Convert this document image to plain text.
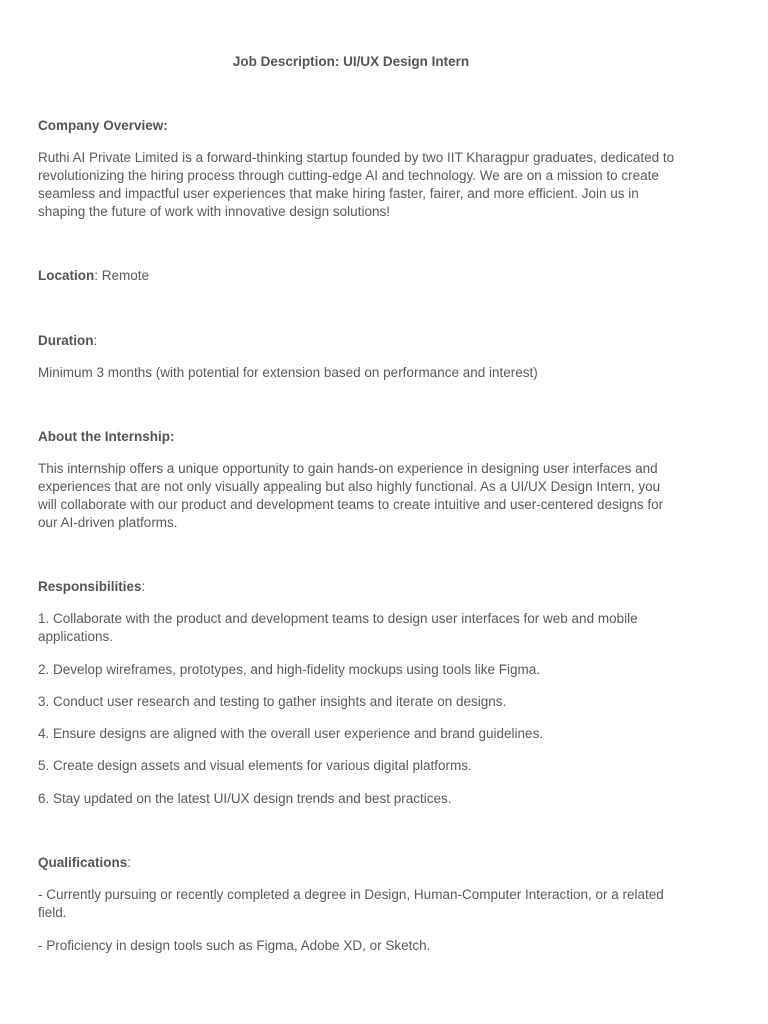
Job Description: UI/UX Design Intern

Company Overview:

Ruthi AI Private Limited is a forward-thinking startup founded by two IIT Kharagpur graduates, dedicated to revolutionizing the hiring process through cutting-edge AI and technology. We are on a mission to create seamless and impactful user experiences that make hiring faster, fairer, and more efficient. Join us in shaping the future of work with innovative design solutions!

Location: Remote

Duration:

Minimum 3 months (with potential for extension based on performance and interest)

About the Internship:

This internship offers a unique opportunity to gain hands-on experience in designing user interfaces and experiences that are not only visually appealing but also highly functional. As a UI/UX Design Intern, you will collaborate with our product and development teams to create intuitive and user-centered designs for our AI-driven platforms.

Responsibilities:

1. Collaborate with the product and development teams to design user interfaces for web and mobile applications.

2. Develop wireframes, prototypes, and high-fidelity mockups using tools like Figma.

3. Conduct user research and testing to gather insights and iterate on designs.

4. Ensure designs are aligned with the overall user experience and brand guidelines.

5. Create design assets and visual elements for various digital platforms.

6. Stay updated on the latest UI/UX design trends and best practices.

Qualifications:

- Currently pursuing or recently completed a degree in Design, Human-Computer Interaction, or a related field.

- Proficiency in design tools such as Figma, Adobe XD, or Sketch.
